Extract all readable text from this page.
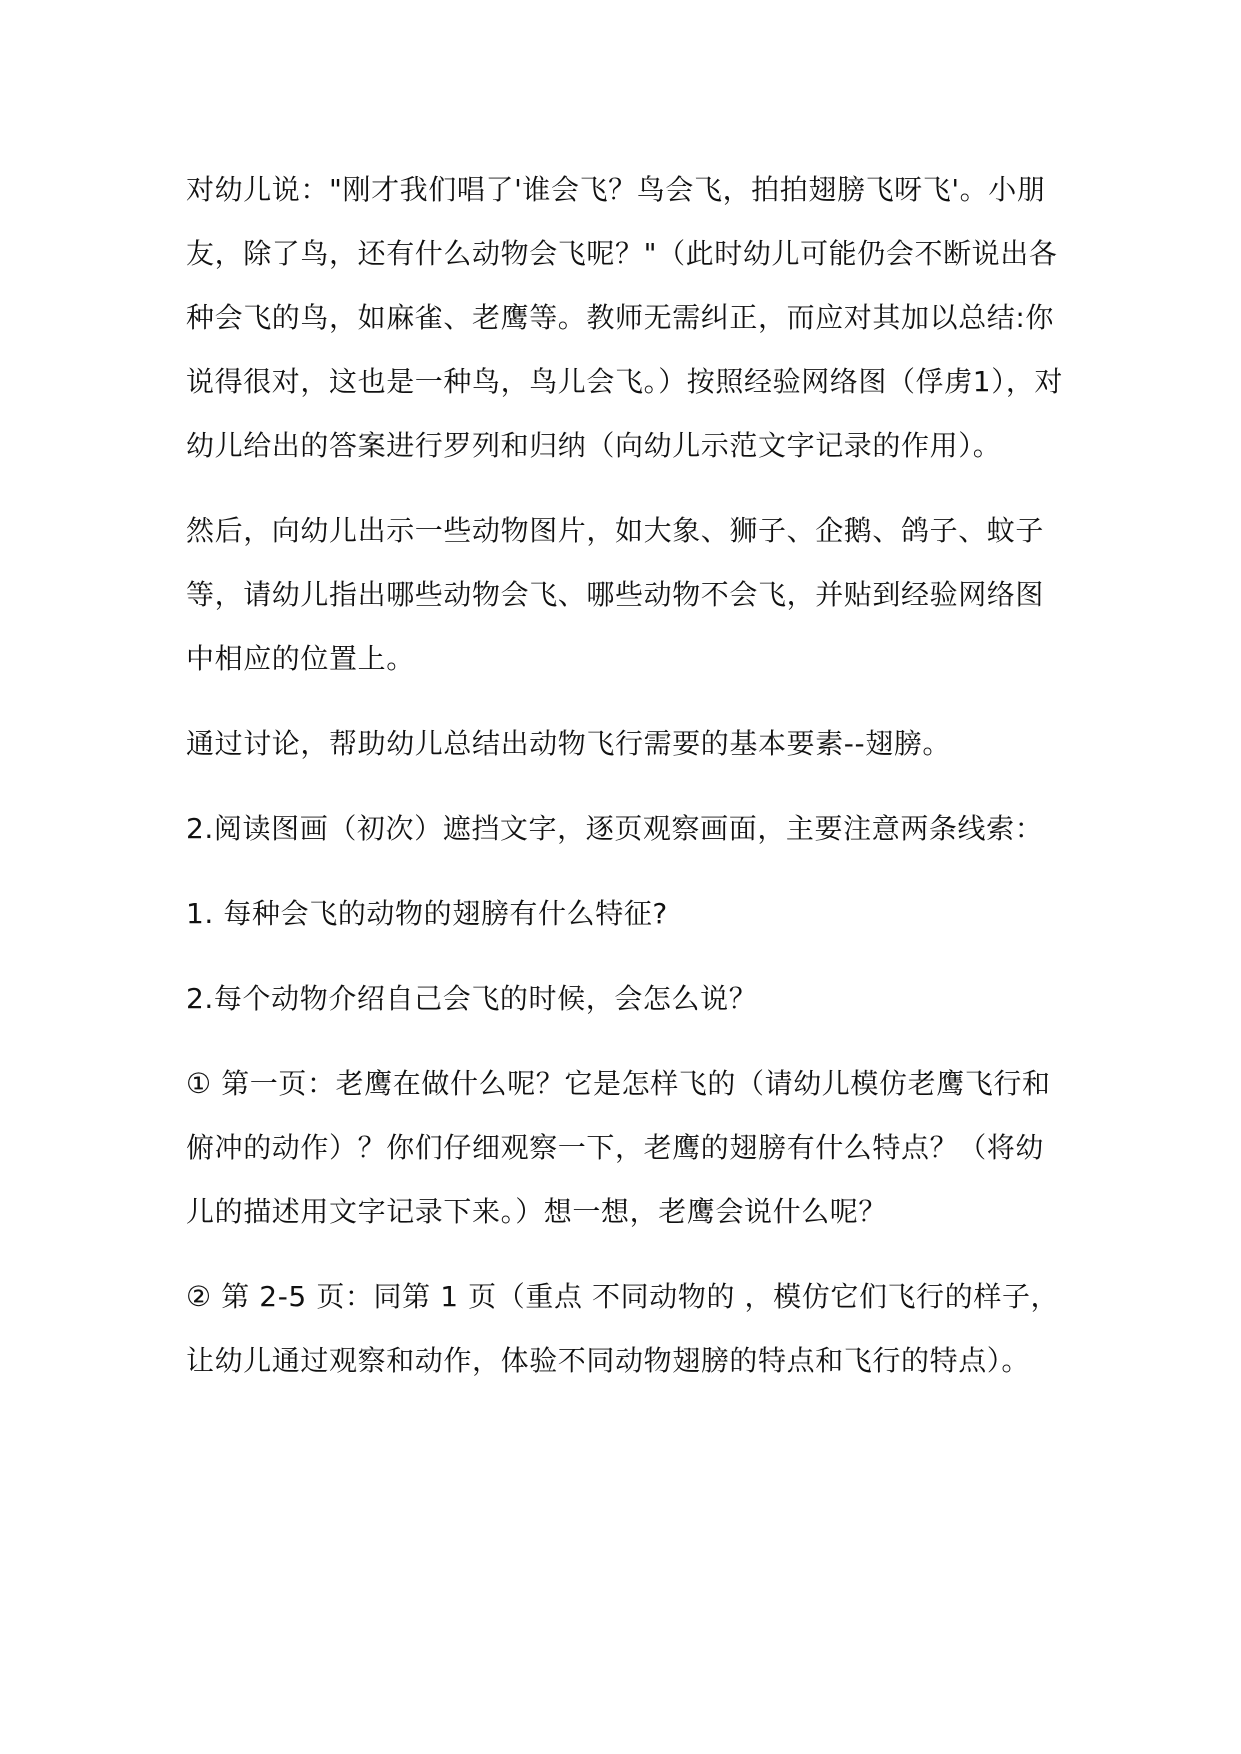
对幼儿说："刚才我们唱了'谁会飞？鸟会飞，拍拍翅膀飞呀飞'。小朋友，除了鸟，还有什么动物会飞呢？"（此时幼儿可能仍会不断说出各种会飞的鸟，如麻雀、老鹰等。教师无需纠正，而应对其加以总结:你说得很对，这也是一种鸟，鸟儿会飞。）按照经验网络图（俘虏1），对幼儿给出的答案进行罗列和归纳（向幼儿示范文字记录的作用）。

然后，向幼儿出示一些动物图片，如大象、狮子、企鹅、鸽子、蚊子等，请幼儿指出哪些动物会飞、哪些动物不会飞，并贴到经验网络图中相应的位置上。

通过讨论，帮助幼儿总结出动物飞行需要的基本要素--翅膀。

2.阅读图画（初次）遮挡文字，逐页观察画面，主要注意两条线索：

1. 每种会飞的动物的翅膀有什么特征?

2.每个动物介绍自己会飞的时候，会怎么说？

① 第一页：老鹰在做什么呢？它是怎样飞的（请幼儿模仿老鹰飞行和俯冲的动作）？你们仔细观察一下，老鹰的翅膀有什么特点？（将幼儿的描述用文字记录下来。）想一想，老鹰会说什么呢？

② 第 2-5 页：同第 1 页（重点 不同动物的 ，模仿它们飞行的样子，让幼儿通过观察和动作，体验不同动物翅膀的特点和飞行的特点）。
